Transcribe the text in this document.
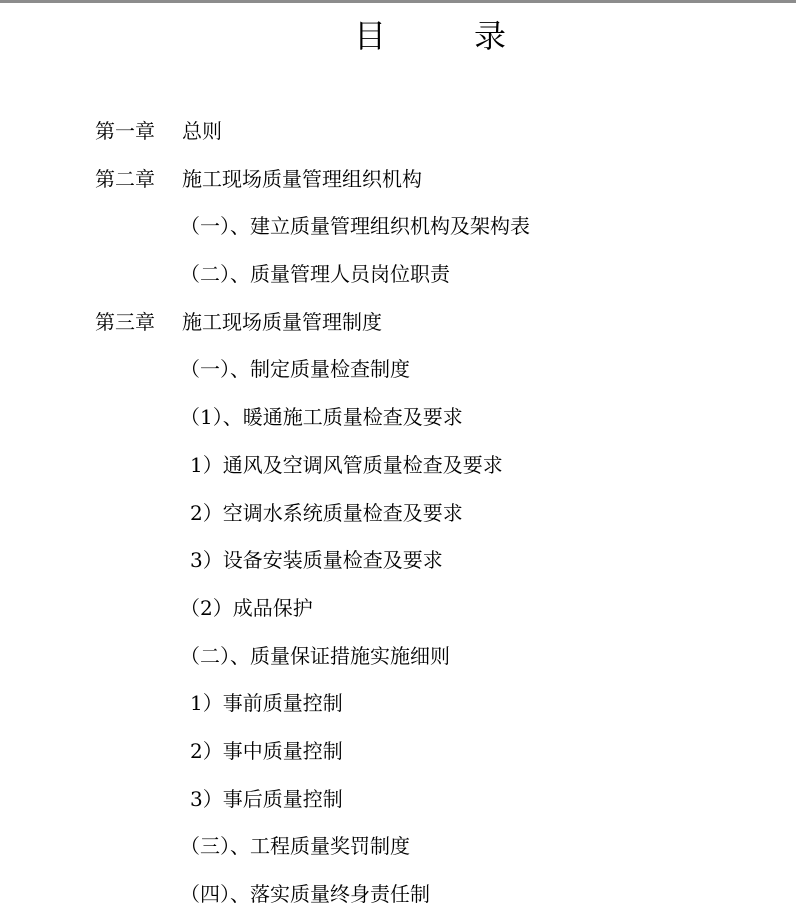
目　录
第一章 总则
第二章 施工现场质量管理组织机构
（一）、建立质量管理组织机构及架构表
（二）、质量管理人员岗位职责
第三章 施工现场质量管理制度
（一）、制定质量检查制度
（1）、暖通施工质量检查及要求
1）通风及空调风管质量检查及要求
2）空调水系统质量检查及要求
3）设备安装质量检查及要求
（2）成品保护
（二）、质量保证措施实施细则
1）事前质量控制
2）事中质量控制
3）事后质量控制
（三）、工程质量奖罚制度
（四）、落实质量终身责任制
